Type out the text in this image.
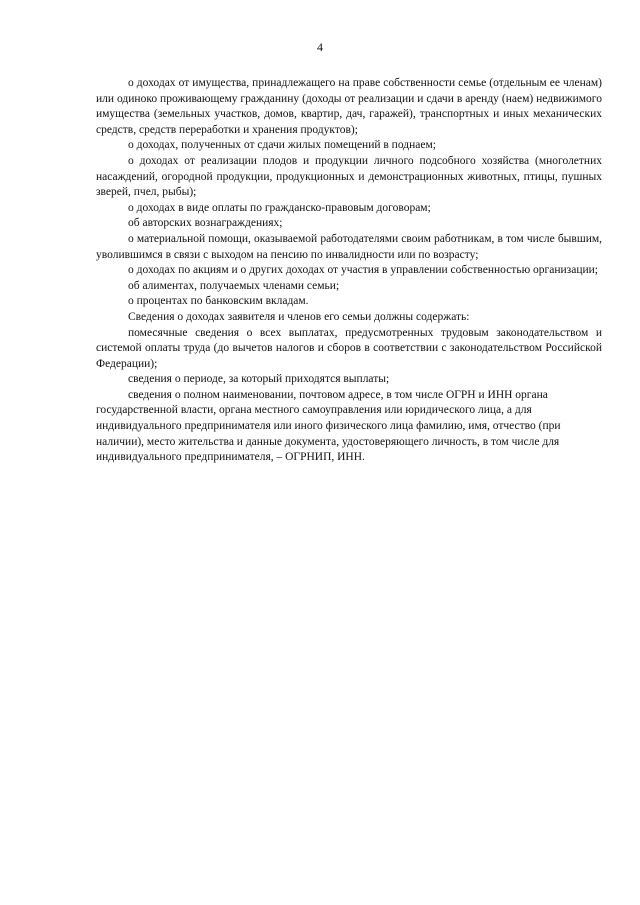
4

о доходах от имущества, принадлежащего на праве собственности семье (отдельным ее членам) или одиноко проживающему гражданину (доходы от реализации и сдачи в аренду (наем) недвижимого имущества (земельных участков, домов, квартир, дач, гаражей), транспортных и иных механических средств, средств переработки и хранения продуктов);

о доходах, полученных от сдачи жилых помещений в поднаем;

о доходах от реализации плодов и продукции личного подсобного хозяйства (многолетних насаждений, огородной продукции, продукционных и демонстрационных животных, птицы, пушных зверей, пчел, рыбы);

о доходах в виде оплаты по гражданско-правовым договорам;

об авторских вознаграждениях;

о материальной помощи, оказываемой работодателями своим работникам, в том числе бывшим, уволившимся в связи с выходом на пенсию по инвалидности или по возрасту;

о доходах по акциям и о других доходах от участия в управлении собственностью организации;

об алиментах, получаемых членами семьи;

о процентах по банковским вкладам.

Сведения о доходах заявителя и членов его семьи должны содержать:

помесячные сведения о всех выплатах, предусмотренных трудовым законодательством и системой оплаты труда (до вычетов налогов и сборов в соответствии с законодательством Российской Федерации);

сведения о периоде, за который приходятся выплаты;

сведения о полном наименовании, почтовом адресе, в том числе ОГРН и ИНН органа государственной власти, органа местного самоуправления или юридического лица, а для индивидуального предпринимателя или иного физического лица фамилию, имя, отчество (при наличии), место жительства и данные документа, удостоверяющего личность, в том числе для индивидуального предпринимателя, – ОГРНИП, ИНН.
